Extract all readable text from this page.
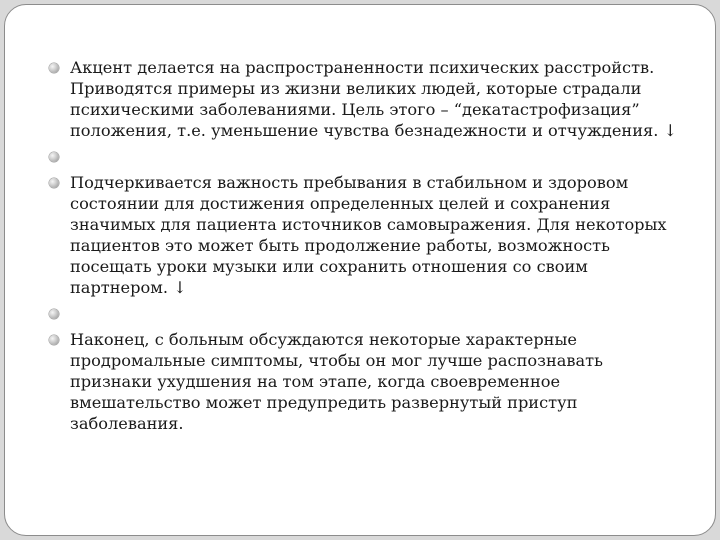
Акцент делается на распространенности психических расстройств. Приводятся примеры из жизни великих людей, которые страдали психическими заболеваниями. Цель этого – “декатастрофизация” положения, т.е. уменьшение чувства безнадежности и отчуждения. ↓
Подчеркивается важность пребывания в стабильном и здоровом состоянии для достижения определенных целей и сохранения значимых для пациента источников самовыражения. Для некоторых пациентов это может быть продолжение работы, возможность посещать уроки музыки или сохранить отношения со своим партнером. ↓
Наконец, с больным обсуждаются некоторые характерные продромальные симптомы, чтобы он мог лучше распознавать признаки ухудшения на том этапе, когда своевременное вмешательство может предупредить развернутый приступ заболевания.
